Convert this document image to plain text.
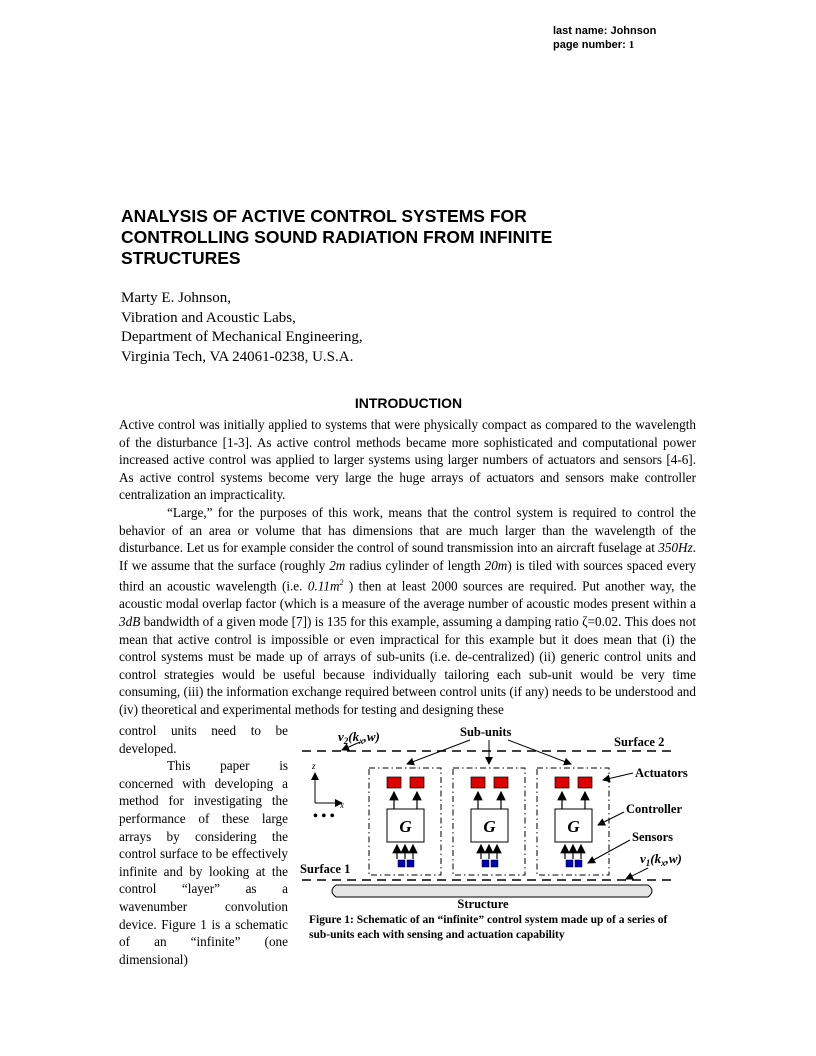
last name: Johnson
page number: 1
ANALYSIS OF ACTIVE CONTROL SYSTEMS FOR CONTROLLING SOUND RADIATION FROM INFINITE STRUCTURES
Marty E. Johnson,
Vibration and Acoustic Labs,
Department of Mechanical Engineering,
Virginia Tech, VA 24061-0238, U.S.A.
INTRODUCTION

Active control was initially applied to systems that were physically compact as compared to the wavelength of the disturbance [1-3]. As active control methods became more sophisticated and computational power increased active control was applied to larger systems using larger numbers of actuators and sensors [4-6]. As active control systems become very large the huge arrays of actuators and sensors make controller centralization an impracticality.

“Large,” for the purposes of this work, means that the control system is required to control the behavior of an area or volume that has dimensions that are much larger than the wavelength of the disturbance. Let us for example consider the control of sound transmission into an aircraft fuselage at 350Hz. If we assume that the surface (roughly 2m radius cylinder of length 20m) is tiled with sources spaced every third an acoustic wavelength (i.e. $0.11m^2$ ) then at least 2000 sources are required. Put another way, the acoustic modal overlap factor (which is a measure of the average number of acoustic modes present within a 3dB bandwidth of a given mode [7]) is 135 for this example, assuming a damping ratio ζ=0.02. This does not mean that active control is impossible or even impractical for this example but it does mean that (i) the control systems must be made up of arrays of sub-units (i.e. de-centralized) (ii) generic control units and control strategies would be useful because individually tailoring each sub-unit would be very time consuming, (iii) the information exchange required between control units (if any) needs to be understood and (iv) theoretical and experimental methods for testing and designing these

control units need to be developed.

This paper is concerned with developing a method for investigating the performance of these large arrays by considering the control surface to be effectively infinite and by looking at the control “layer” as a wavenumber convolution device. Figure 1 is a schematic of an “infinite” (one dimensional)

z
x
• • •
G	G	G
$v_2(k_x,w)$	Sub-units
Surface 2
Actuators
Controller
Sensors
$v_1(k_x,w)$
Surface 1
Structure
Figure 1: Schematic of an “infinite” control system made up of a series of sub-units each with sensing and actuation capability
